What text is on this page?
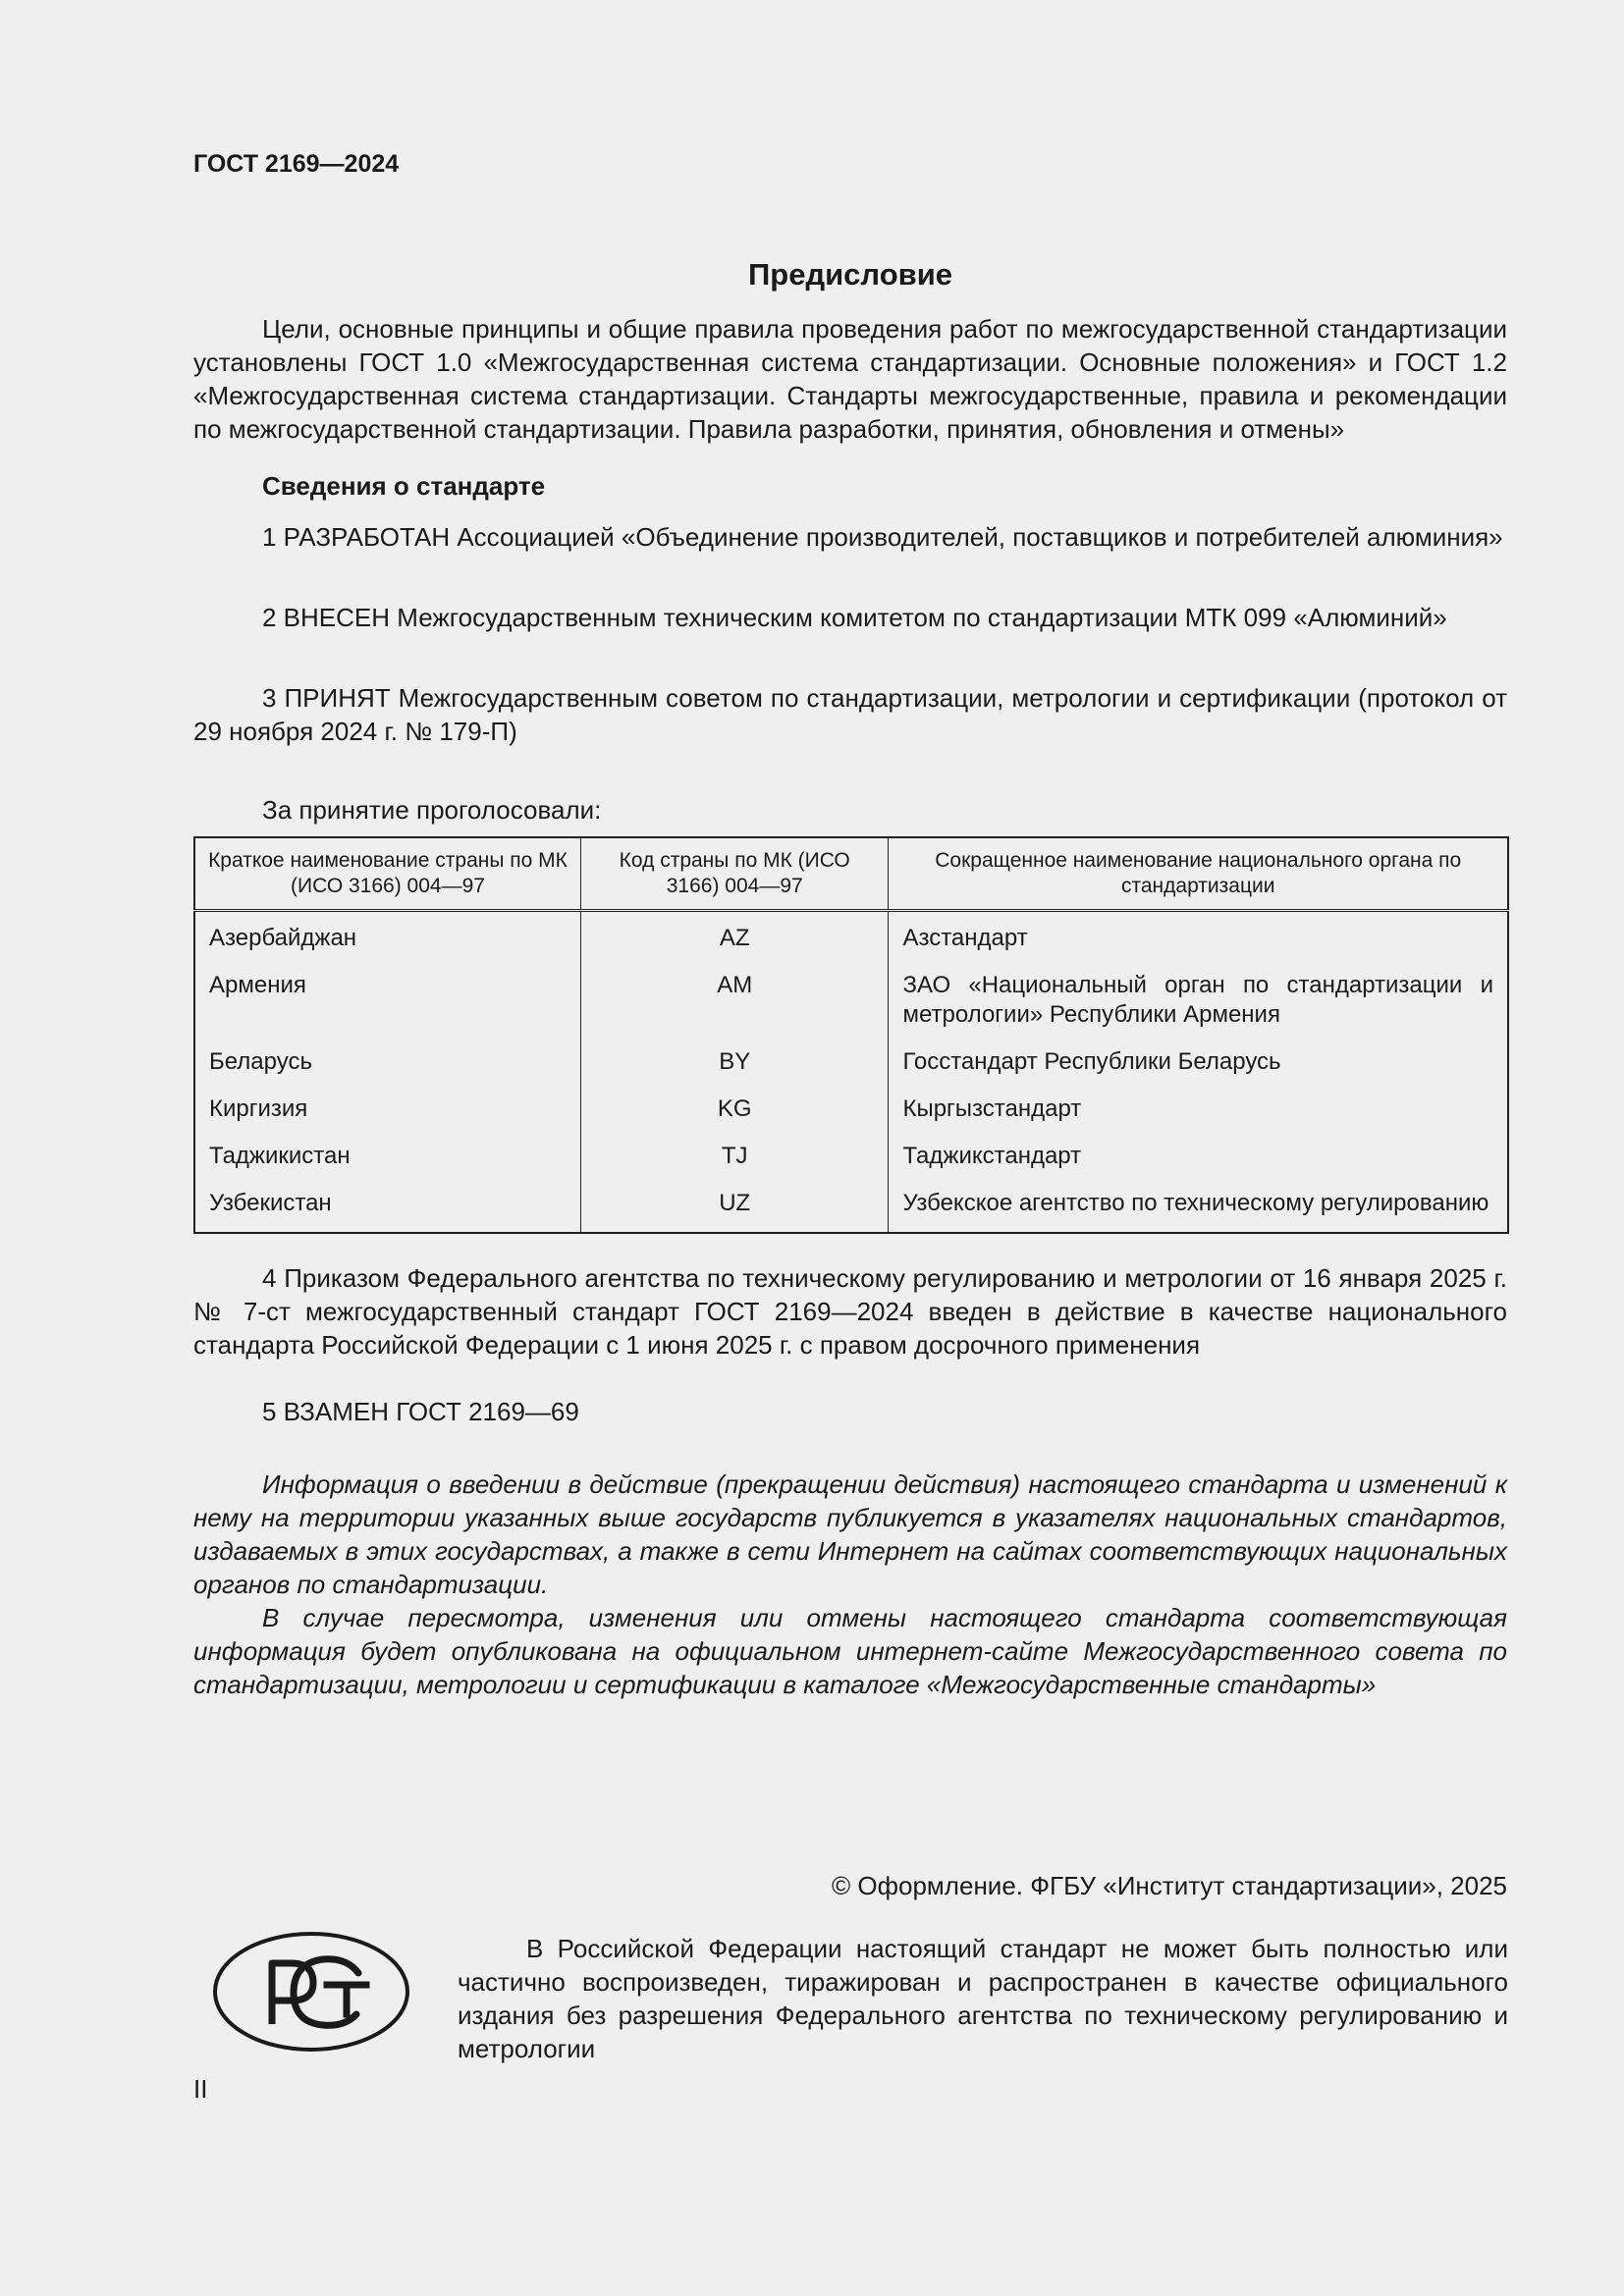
ГОСТ 2169—2024

Предисловие

Цели, основные принципы и общие правила проведения работ по межгосударственной стандартизации установлены ГОСТ 1.0 «Межгосударственная система стандартизации. Основные положения» и ГОСТ 1.2 «Межгосударственная система стандартизации. Стандарты межгосударственные, правила и рекомендации по межгосударственной стандартизации. Правила разработки, принятия, обновления и отмены»

Сведения о стандарте

1 РАЗРАБОТАН Ассоциацией «Объединение производителей, поставщиков и потребителей алюминия»

2 ВНЕСЕН Межгосударственным техническим комитетом по стандартизации МТК 099 «Алюминий»

3 ПРИНЯТ Межгосударственным советом по стандартизации, метрологии и сертификации (протокол от 29 ноября 2024 г. № 179-П)

За принятие проголосовали:

Краткое наименование страны по МК (ИСО 3166) 004—97	Код страны по МК (ИСО 3166) 004—97	Сокращенное наименование национального органа по стандартизации
Азербайджан	AZ	Азстандарт
Армения	AM	ЗАО «Национальный орган по стандартизации и метрологии» Республики Армения
Беларусь	BY	Госстандарт Республики Беларусь
Киргизия	KG	Кыргызстандарт
Таджикистан	TJ	Таджикстандарт
Узбекистан	UZ	Узбекское агентство по техническому регулированию

4 Приказом Федерального агентства по техническому регулированию и метрологии от 16 января 2025 г. № 7-ст межгосударственный стандарт ГОСТ 2169—2024 введен в действие в качестве национального стандарта Российской Федерации с 1 июня 2025 г. с правом досрочного применения

5 ВЗАМЕН ГОСТ 2169—69

Информация о введении в действие (прекращении действия) настоящего стандарта и изменений к нему на территории указанных выше государств публикуется в указателях национальных стандартов, издаваемых в этих государствах, а также в сети Интернет на сайтах соответствующих национальных органов по стандартизации.

В случае пересмотра, изменения или отмены настоящего стандарта соответствующая информация будет опубликована на официальном интернет-сайте Межгосударственного совета по стандартизации, метрологии и сертификации в каталоге «Межгосударственные стандарты»

© Оформление. ФГБУ «Институт стандартизации», 2025
В Российской Федерации настоящий стандарт не может быть полностью или частично воспроизведен, тиражирован и распространен в качестве официального издания без разрешения Федерального агентства по техническому регулированию и метрологии
II
